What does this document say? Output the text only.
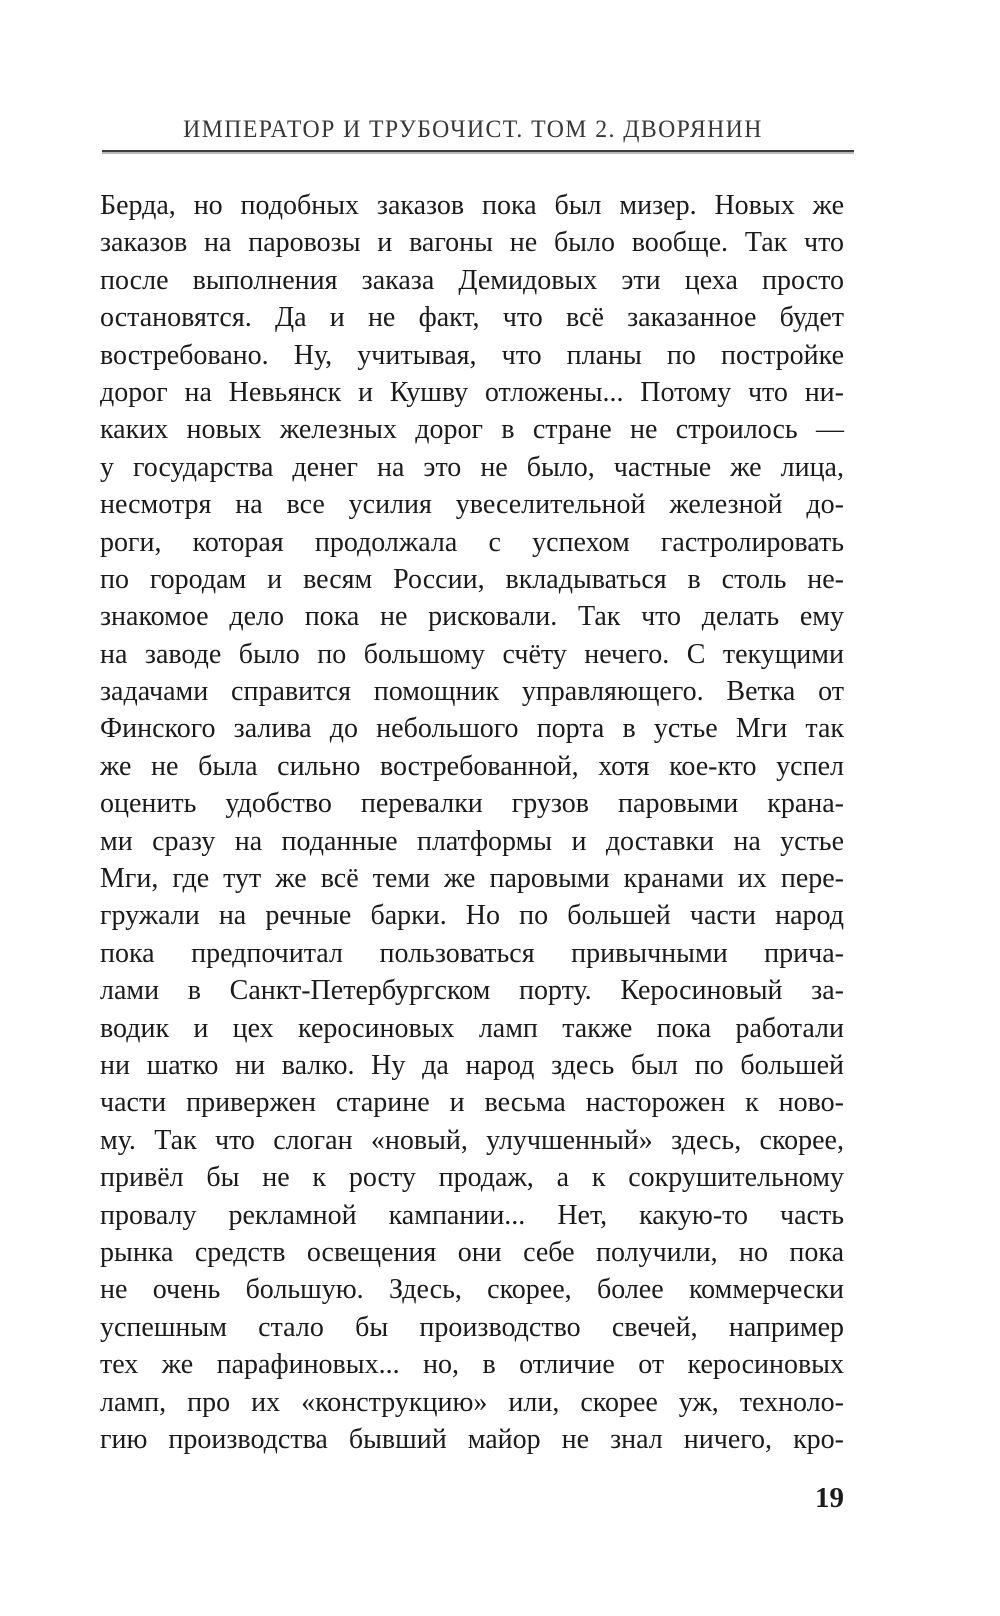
ИМПЕРАТОР И ТРУБОЧИСТ. ТОМ 2. ДВОРЯНИН
Берда, но подобных заказов пока был мизер. Новых же
заказов на паровозы и вагоны не было вообще. Так что
после выполнения заказа Демидовых эти цеха просто
остановятся. Да и не факт, что всё заказанное будет
востребовано. Ну, учитывая, что планы по постройке
дорог на Невьянск и Кушву отложены... Потому что ни-
каких новых железных дорог в стране не строилось —
у государства денег на это не было, частные же лица,
несмотря на все усилия увеселительной железной до-
роги, которая продолжала с успехом гастролировать
по городам и весям России, вкладываться в столь не-
знакомое дело пока не рисковали. Так что делать ему
на заводе было по большому счёту нечего. С текущими
задачами справится помощник управляющего. Ветка от
Финского залива до небольшого порта в устье Мги так
же не была сильно востребованной, хотя кое-кто успел
оценить удобство перевалки грузов паровыми крана-
ми сразу на поданные платформы и доставки на устье
Мги, где тут же всё теми же паровыми кранами их пере-
гружали на речные барки. Но по большей части народ
пока предпочитал пользоваться привычными прича-
лами в Санкт-Петербургском порту. Керосиновый за-
водик и цех керосиновых ламп также пока работали
ни шатко ни валко. Ну да народ здесь был по большей
части привержен старине и весьма насторожен к ново-
му. Так что слоган «новый, улучшенный» здесь, скорее,
привёл бы не к росту продаж, а к сокрушительному
провалу рекламной кампании... Нет, какую-то часть
рынка средств освещения они себе получили, но пока
не очень большую. Здесь, скорее, более коммерчески
успешным стало бы производство свечей, например
тех же парафиновых... но, в отличие от керосиновых
ламп, про их «конструкцию» или, скорее уж, техноло-
гию производства бывший майор не знал ничего, кро-
19
